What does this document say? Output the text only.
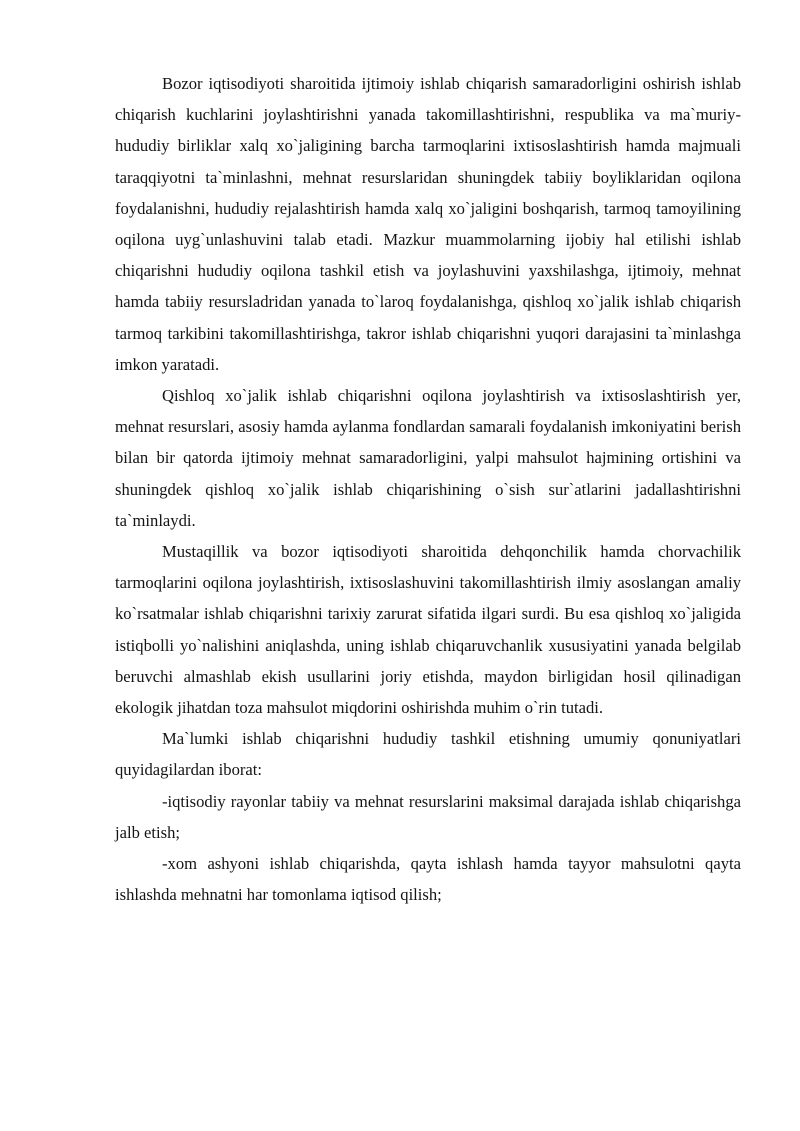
Bozor iqtisodiyoti sharoitida ijtimoiy ishlab chiqarish samaradorligini oshirish ishlab chiqarish kuchlarini joylashtirishni yanada takomillashtirishni, respublika va ma`muriy-hududiy birliklar xalq xo`jaligining barcha tarmoqlarini ixtisoslashtirish hamda majmuali taraqqiyotni ta`minlashni, mehnat resurslaridan shuningdek tabiiy boyliklaridan oqilona foydalanishni, hududiy rejalashtirish hamda xalq xo`jaligini boshqarish, tarmoq tamoyilining oqilona uyg`unlashuvini talab etadi. Mazkur muammolarning ijobiy hal etilishi ishlab chiqarishni hududiy oqilona tashkil etish va joylashuvini yaxshilashga, ijtimoiy, mehnat hamda tabiiy resursladridan yanada to`laroq foydalanishga, qishloq xo`jalik ishlab chiqarish tarmoq tarkibini takomillashtirishga, takror ishlab chiqarishni yuqori darajasini ta`minlashga imkon yaratadi.

Qishloq xo`jalik ishlab chiqarishni oqilona joylashtirish va ixtisoslashtirish yer, mehnat resurslari, asosiy hamda aylanma fondlardan samarali foydalanish imkoniyatini berish bilan bir qatorda ijtimoiy mehnat samaradorligini, yalpi mahsulot hajmining ortishini va shuningdek qishloq xo`jalik ishlab chiqarishining o`sish sur`atlarini jadallashtirishni ta`minlaydi.

Mustaqillik va bozor iqtisodiyoti sharoitida dehqonchilik hamda chorvachilik tarmoqlarini oqilona joylashtirish, ixtisoslashuvini takomillashtirish ilmiy asoslangan amaliy ko`rsatmalar ishlab chiqarishni tarixiy zarurat sifatida ilgari surdi. Bu esa qishloq xo`jaligida istiqbolli yo`nalishini aniqlashda, uning ishlab chiqaruvchanlik xususiyatini yanada belgilab beruvchi almashlab ekish usullarini joriy etishda, maydon birligidan hosil qilinadigan ekologik jihatdan toza mahsulot miqdorini oshirishda muhim o`rin tutadi.

Ma`lumki ishlab chiqarishni hududiy tashkil etishning umumiy qonuniyatlari quyidagilardan iborat:

-iqtisodiy rayonlar tabiiy va mehnat resurslarini maksimal darajada ishlab chiqarishga jalb etish;

-xom ashyoni ishlab chiqarishda, qayta ishlash hamda tayyor mahsulotni qayta ishlashda mehnatni har tomonlama iqtisod qilish;
